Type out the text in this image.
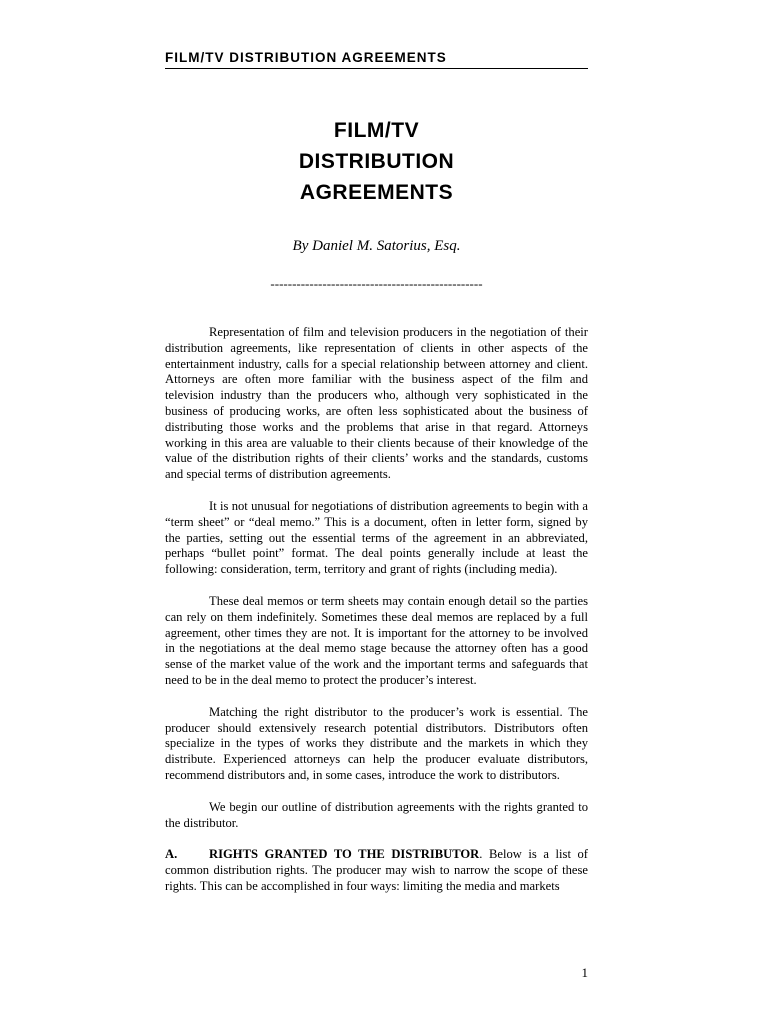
FILM/TV DISTRIBUTION AGREEMENTS
FILM/TV
DISTRIBUTION
AGREEMENTS
By Daniel M. Satorius, Esq.
-------------------------------------------------

Representation of film and television producers in the negotiation of their distribution agreements, like representation of clients in other aspects of the entertainment industry, calls for a special relationship between attorney and client. Attorneys are often more familiar with the business aspect of the film and television industry than the producers who, although very sophisticated in the business of producing works, are often less sophisticated about the business of distributing those works and the problems that arise in that regard. Attorneys working in this area are valuable to their clients because of their knowledge of the value of the distribution rights of their clients’ works and the standards, customs and special terms of distribution agreements.

It is not unusual for negotiations of distribution agreements to begin with a “term sheet” or “deal memo.” This is a document, often in letter form, signed by the parties, setting out the essential terms of the agreement in an abbreviated, perhaps “bullet point” format. The deal points generally include at least the following: consideration, term, territory and grant of rights (including media).

These deal memos or term sheets may contain enough detail so the parties can rely on them indefinitely. Sometimes these deal memos are replaced by a full agreement, other times they are not. It is important for the attorney to be involved in the negotiations at the deal memo stage because the attorney often has a good sense of the market value of the work and the important terms and safeguards that need to be in the deal memo to protect the producer’s interest.

Matching the right distributor to the producer’s work is essential. The producer should extensively research potential distributors. Distributors often specialize in the types of works they distribute and the markets in which they distribute. Experienced attorneys can help the producer evaluate distributors, recommend distributors and, in some cases, introduce the work to distributors.

We begin our outline of distribution agreements with the rights granted to the distributor.

A.	RIGHTS GRANTED TO THE DISTRIBUTOR. Below is a list of common distribution rights. The producer may wish to narrow the scope of these rights. This can be accomplished in four ways: limiting the media and markets

1
